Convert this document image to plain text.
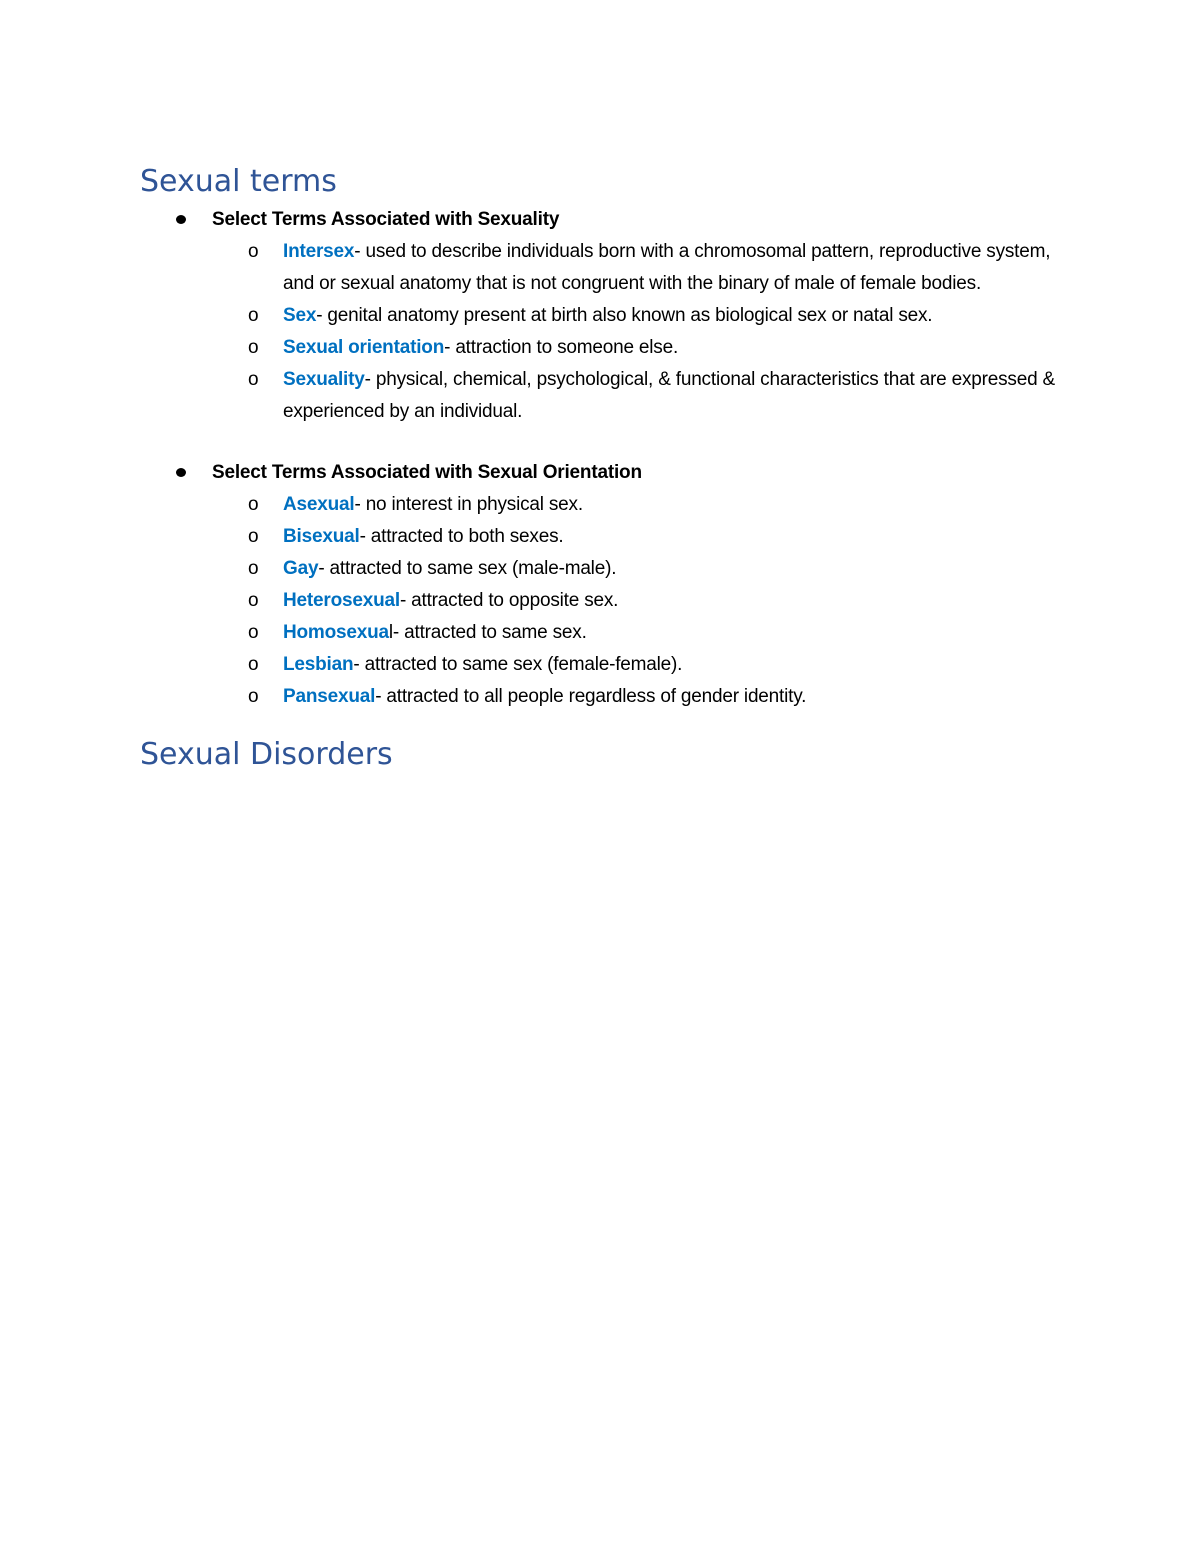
Sexual terms
Select Terms Associated with Sexuality
o Intersex- used to describe individuals born with a chromosomal pattern, reproductive system, and or sexual anatomy that is not congruent with the binary of male of female bodies.
o Sex- genital anatomy present at birth also known as biological sex or natal sex.
o Sexual orientation- attraction to someone else.
o Sexuality- physical, chemical, psychological, & functional characteristics that are expressed & experienced by an individual.
Select Terms Associated with Sexual Orientation
o Asexual- no interest in physical sex.
o Bisexual- attracted to both sexes.
o Gay- attracted to same sex (male-male).
o Heterosexual- attracted to opposite sex.
o Homosexual- attracted to same sex.
o Lesbian- attracted to same sex (female-female).
o Pansexual- attracted to all people regardless of gender identity.
Sexual Disorders
